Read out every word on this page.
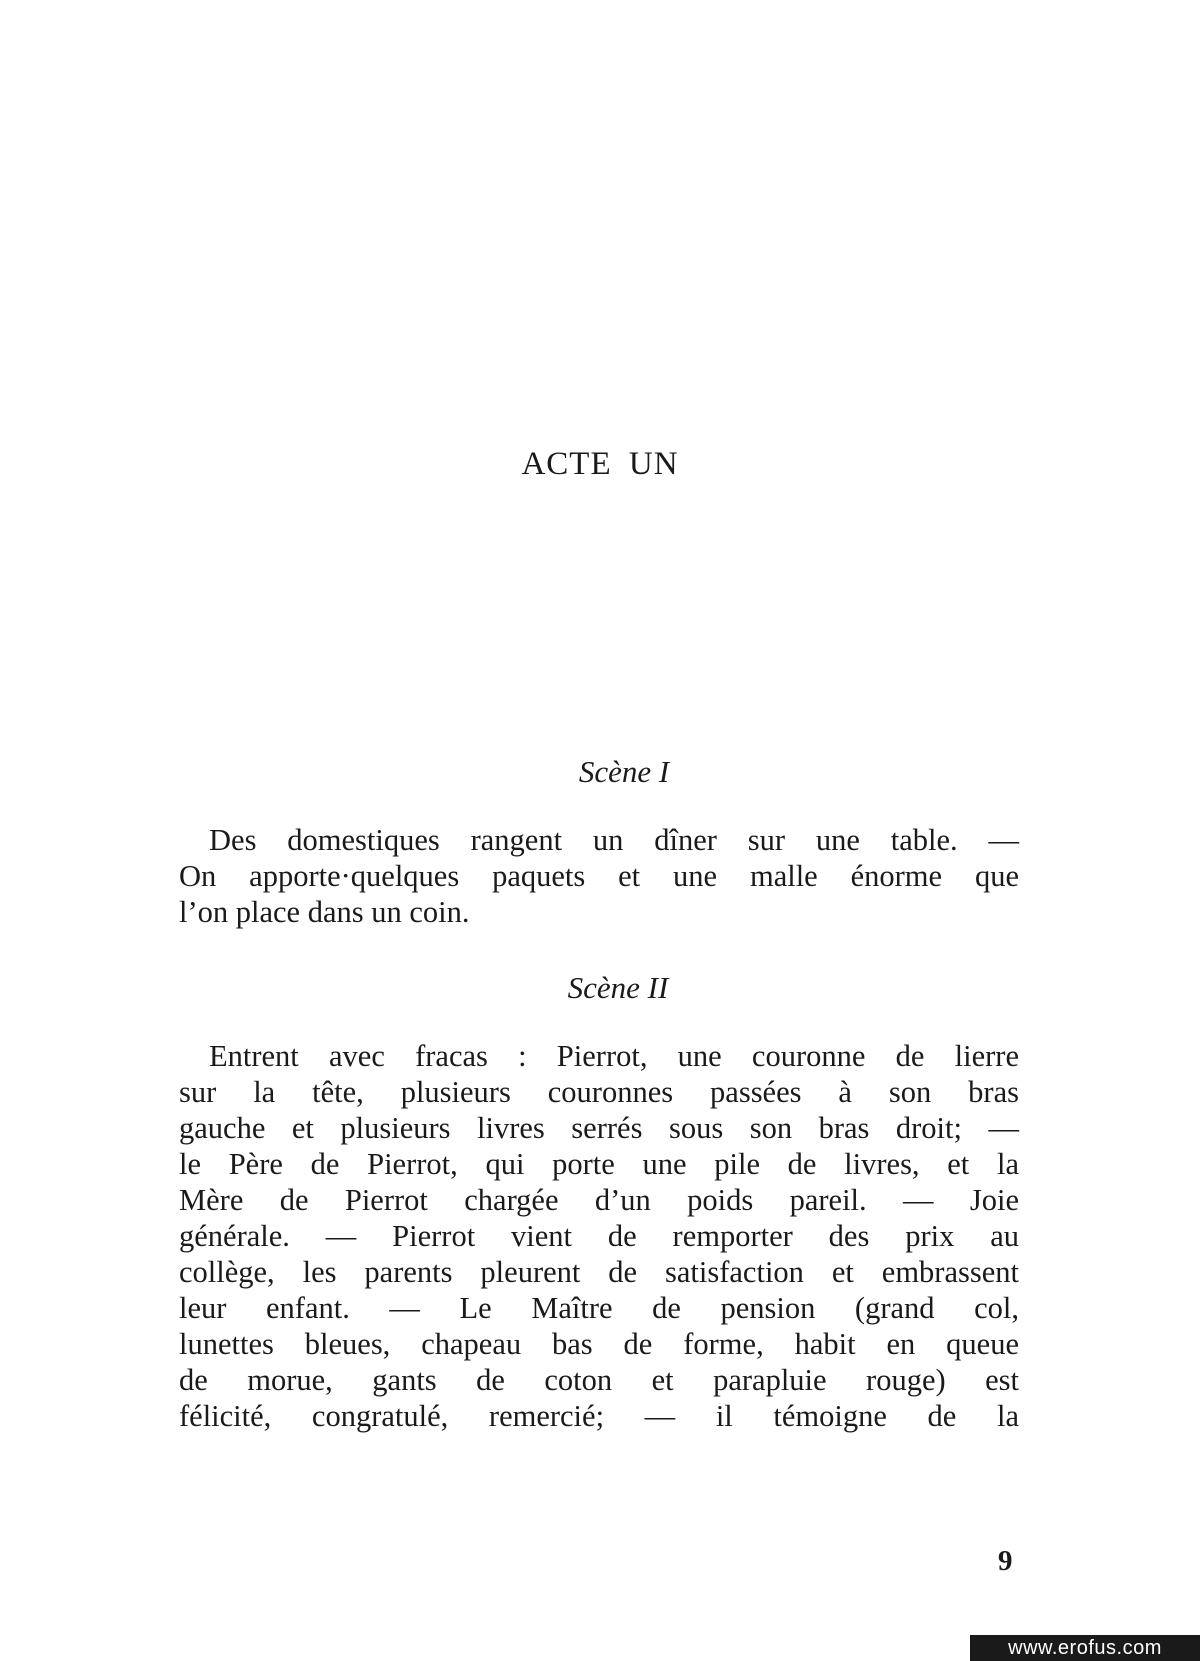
ACTE UN
Scène I
Des domestiques rangent un dîner sur une table. —
On apporte·quelques paquets et une malle énorme que
l’on place dans un coin.
Scène II
Entrent avec fracas : Pierrot, une couronne de lierre
sur la tête, plusieurs couronnes passées à son bras
gauche et plusieurs livres serrés sous son bras droit; —
le Père de Pierrot, qui porte une pile de livres, et la
Mère de Pierrot chargée d’un poids pareil. — Joie
générale. — Pierrot vient de remporter des prix au
collège, les parents pleurent de satisfaction et embrassent
leur enfant. — Le Maître de pension (grand col,
lunettes bleues, chapeau bas de forme, habit en queue
de morue, gants de coton et parapluie rouge) est
félicité, congratulé, remercié; — il témoigne de la
9
www.erofus.com
